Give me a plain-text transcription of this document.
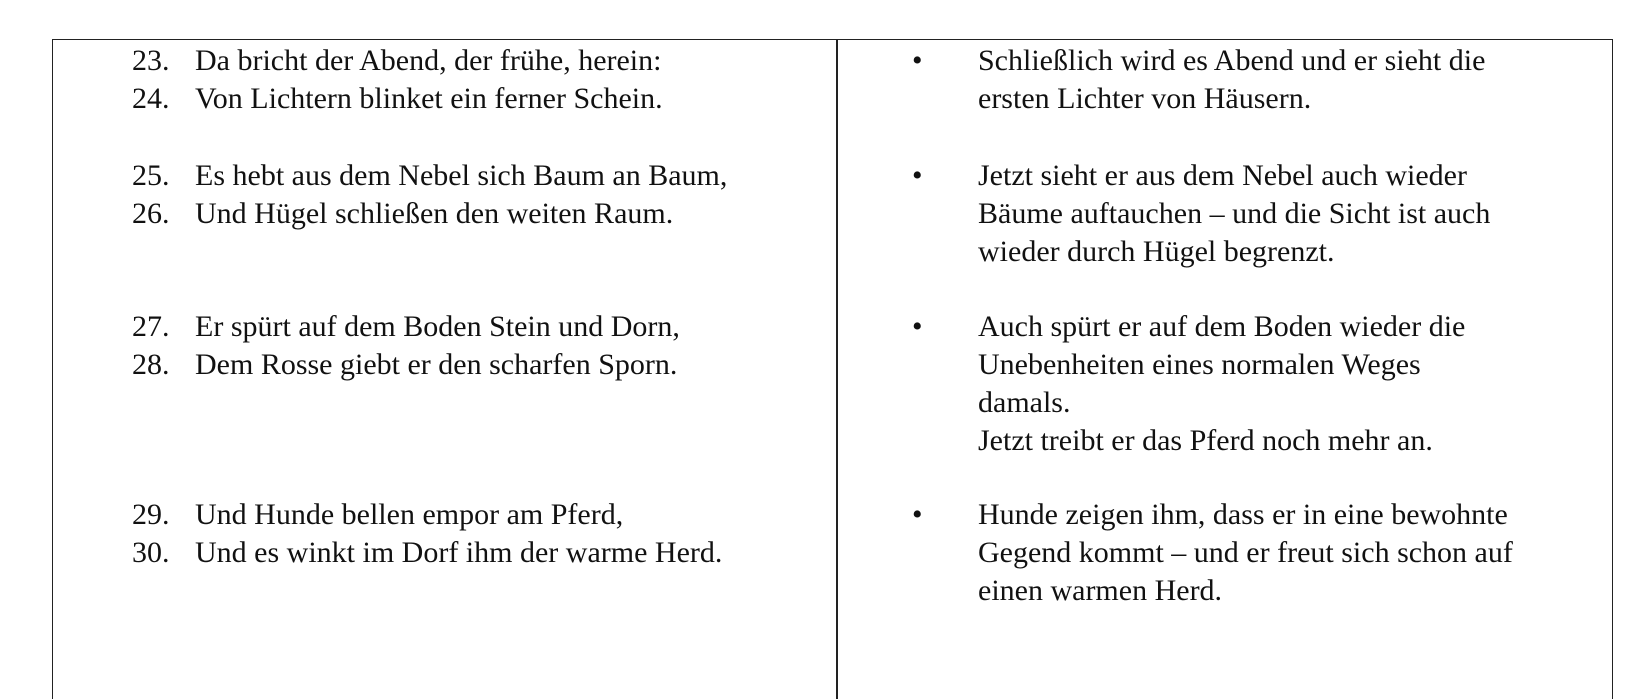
23. Da bricht der Abend, der frühe, herein:
24. Von Lichtern blinket ein ferner Schein.
• Schließlich wird es Abend und er sieht die
ersten Lichter von Häusern.
25. Es hebt aus dem Nebel sich Baum an Baum,
26. Und Hügel schließen den weiten Raum.
• Jetzt sieht er aus dem Nebel auch wieder
Bäume auftauchen – und die Sicht ist auch
wieder durch Hügel begrenzt.
27. Er spürt auf dem Boden Stein und Dorn,
28. Dem Rosse giebt er den scharfen Sporn.
• Auch spürt er auf dem Boden wieder die
Unebenheiten eines normalen Weges
damals.
Jetzt treibt er das Pferd noch mehr an.
29. Und Hunde bellen empor am Pferd,
30. Und es winkt im Dorf ihm der warme Herd.
• Hunde zeigen ihm, dass er in eine bewohnte
Gegend kommt – und er freut sich schon auf
einen warmen Herd.
